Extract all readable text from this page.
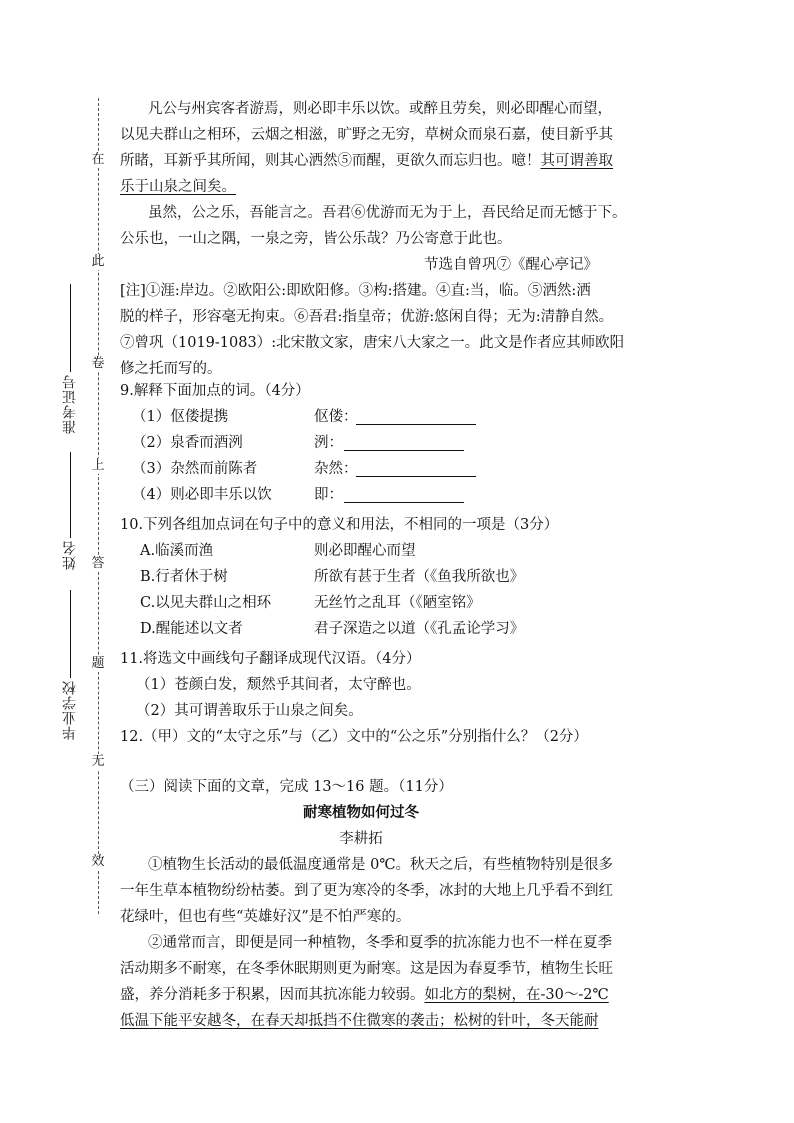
在
此
卷
上
答
题
无
效
准考证号
姓名
毕业学校
凡公与州宾客者游焉，则必即丰乐以饮。或醉且劳矣，则必即醒心而望，
以见夫群山之相环，云烟之相滋，旷野之无穷，草树众而泉石嘉，使目新乎其
所睹，耳新乎其所闻，则其心洒然⑤而醒，更欲久而忘归也。噫！其可谓善取
乐于山泉之间矣。
虽然，公之乐，吾能言之。吾君⑥优游而无为于上，吾民给足而无憾于下。
公乐也，一山之隅，一泉之旁，皆公乐哉？乃公寄意于此也。
节选自曾巩⑦《醒心亭记》
[注]①涯:岸边。②欧阳公:即欧阳修。③构:搭建。④直:当，临。⑤洒然:洒
脱的样子，形容毫无拘束。⑥吾君:指皇帝；优游:悠闲自得；无为:清静自然。
⑦曾巩（1019-1083）:北宋散文家，唐宋八大家之一。此文是作者应其师欧阳
修之托而写的。
9.解释下面加点的词。（4分）
（1）伛偻提携	伛偻：
（2）泉香而酒洌	洌：
（3）杂然而前陈者	杂然：
（4）则必即丰乐以饮	即：
10.下列各组加点词在句子中的意义和用法，不相同的一项是（3分）
A.临溪而渔	则必即醒心而望
B.行者休于树	所欲有甚于生者（《鱼我所欲也》
C.以见夫群山之相环	无丝竹之乱耳（《陋室铭》
D.醒能述以文者	君子深造之以道（《孔孟论学习》
11.将选文中画线句子翻译成现代汉语。（4分）
（1）苍颜白发，颓然乎其间者，太守醉也。
（2）其可谓善取乐于山泉之间矣。
12.（甲）文的“太守之乐”与（乙）文中的“公之乐”分别指什么？（2分）
（三）阅读下面的文章，完成 13～16 题。（11分）
耐寒植物如何过冬
李耕拓
①植物生长活动的最低温度通常是 0℃。秋天之后，有些植物特别是很多
一年生草本植物纷纷枯萎。到了更为寒冷的冬季，冰封的大地上几乎看不到红
花绿叶，但也有些“英雄好汉”是不怕严寒的。
②通常而言，即便是同一种植物，冬季和夏季的抗冻能力也不一样在夏季
活动期多不耐寒，在冬季休眠期则更为耐寒。这是因为春夏季节，植物生长旺
盛，养分消耗多于积累，因而其抗冻能力较弱。如北方的梨树，在-30～-2℃
低温下能平安越冬，在春天却抵挡不住微寒的袭击；松树的针叶，冬天能耐
